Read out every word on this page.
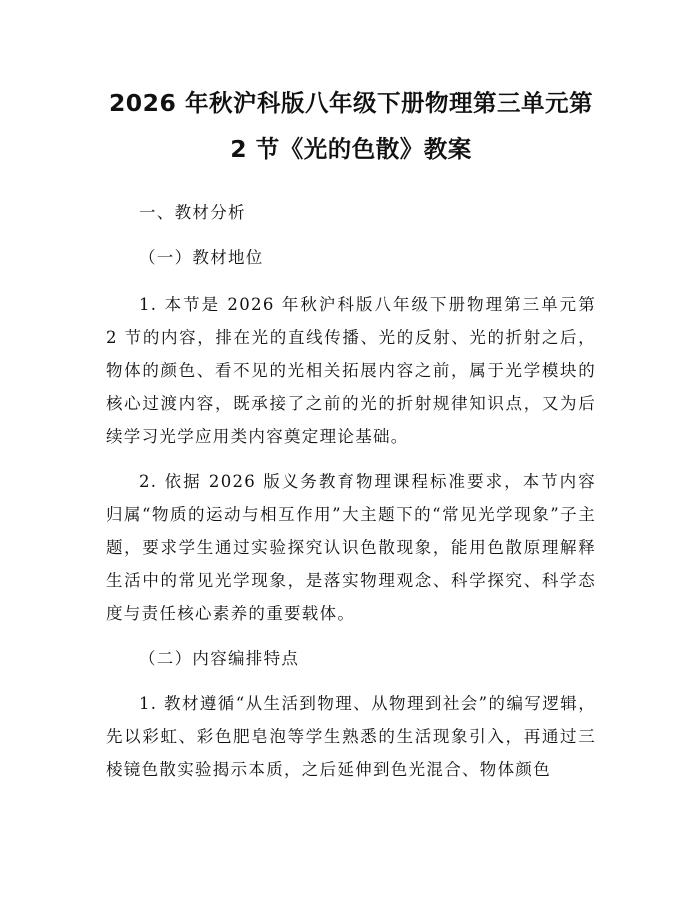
2026 年秋沪科版八年级下册物理第三单元第
2 节《光的色散》教案

一、教材分析

（一）教材地位

1. 本节是 2026 年秋沪科版八年级下册物理第三单元第 2 节的内容，排在光的直线传播、光的反射、光的折射之后，物体的颜色、看不见的光相关拓展内容之前，属于光学模块的核心过渡内容，既承接了之前的光的折射规律知识点，又为后续学习光学应用类内容奠定理论基础。

2. 依据 2026 版义务教育物理课程标准要求，本节内容归属“物质的运动与相互作用”大主题下的“常见光学现象”子主题，要求学生通过实验探究认识色散现象，能用色散原理解释生活中的常见光学现象，是落实物理观念、科学探究、科学态度与责任核心素养的重要载体。

（二）内容编排特点

1. 教材遵循“从生活到物理、从物理到社会”的编写逻辑，先以彩虹、彩色肥皂泡等学生熟悉的生活现象引入，再通过三棱镜色散实验揭示本质，之后延伸到色光混合、物体颜色
